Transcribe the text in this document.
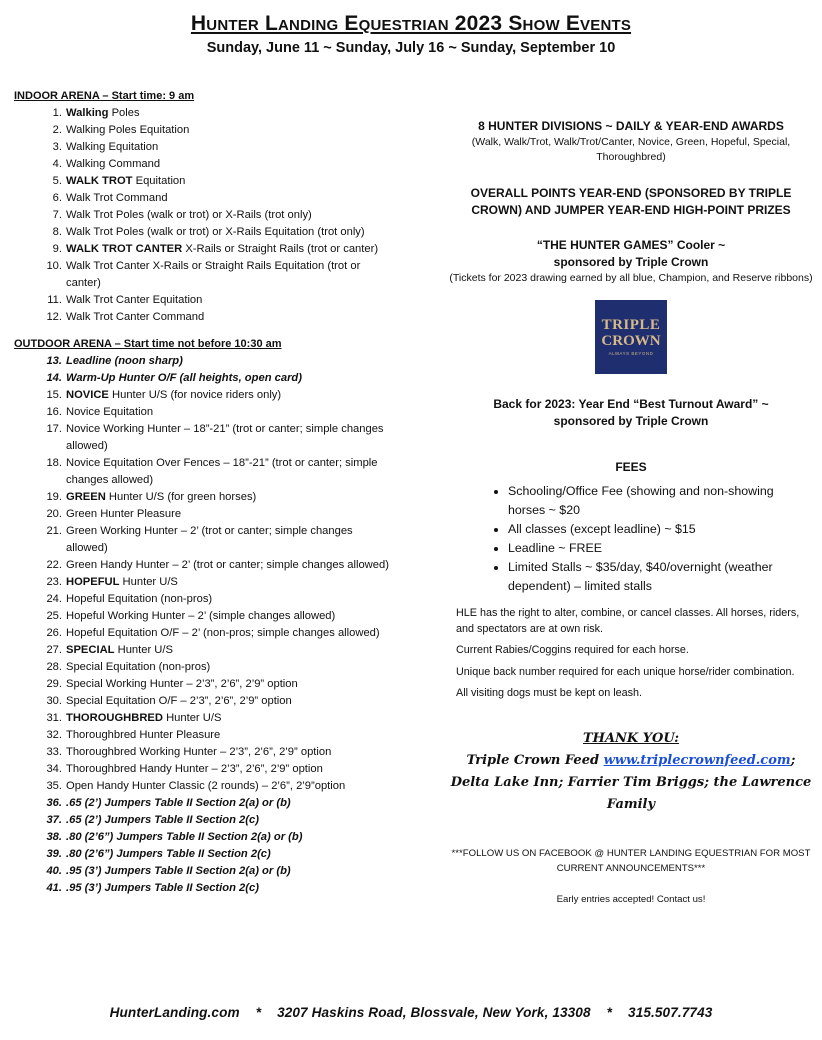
Hunter Landing Equestrian 2023 Show Events
Sunday, June 11 ~ Sunday, July 16 ~ Sunday, September 10
INDOOR ARENA – Start time: 9 am
1. Walking Poles
2. Walking Poles Equitation
3. Walking Equitation
4. Walking Command
5. WALK TROT Equitation
6. Walk Trot Command
7. Walk Trot Poles (walk or trot) or X-Rails (trot only)
8. Walk Trot Poles (walk or trot) or X-Rails Equitation (trot only)
9. WALK TROT CANTER X-Rails or Straight Rails (trot or canter)
10. Walk Trot Canter X-Rails or Straight Rails Equitation (trot or canter)
11. Walk Trot Canter Equitation
12. Walk Trot Canter Command
OUTDOOR ARENA – Start time not before 10:30 am
13. Leadline (noon sharp)
14. Warm-Up Hunter O/F (all heights, open card)
15. NOVICE Hunter U/S (for novice riders only)
16. Novice Equitation
17. Novice Working Hunter – 18”-21” (trot or canter; simple changes allowed)
18. Novice Equitation Over Fences – 18”-21” (trot or canter; simple changes allowed)
19. GREEN Hunter U/S (for green horses)
20. Green Hunter Pleasure
21. Green Working Hunter – 2’ (trot or canter; simple changes allowed)
22. Green Handy Hunter – 2’ (trot or canter; simple changes allowed)
23. HOPEFUL Hunter U/S
24. Hopeful Equitation (non-pros)
25. Hopeful Working Hunter – 2’ (simple changes allowed)
26. Hopeful Equitation O/F – 2’ (non-pros; simple changes allowed)
27. SPECIAL Hunter U/S
28. Special Equitation (non-pros)
29. Special Working Hunter – 2’3”, 2’6”, 2’9” option
30. Special Equitation O/F – 2’3”, 2’6”, 2’9” option
31. THOROUGHBRED Hunter U/S
32. Thoroughbred Hunter Pleasure
33. Thoroughbred Working Hunter – 2’3”, 2’6”, 2’9” option
34. Thoroughbred Handy Hunter – 2’3”, 2’6”, 2’9” option
35. Open Handy Hunter Classic (2 rounds) – 2’6”, 2’9”option
36. .65 (2’) Jumpers Table II Section 2(a) or (b)
37. .65 (2’) Jumpers Table II Section 2(c)
38. .80 (2’6”) Jumpers Table II Section 2(a) or (b)
39. .80 (2’6”) Jumpers Table II Section 2(c)
40. .95 (3’) Jumpers Table II Section 2(a) or (b)
41. .95 (3’) Jumpers Table II Section 2(c)
8 HUNTER DIVISIONS ~ DAILY & YEAR-END AWARDS
(Walk, Walk/Trot, Walk/Trot/Canter, Novice, Green, Hopeful, Special, Thoroughbred)
OVERALL POINTS YEAR-END (SPONSORED BY TRIPLE CROWN) AND JUMPER YEAR-END HIGH-POINT PRIZES
“THE HUNTER GAMES” Cooler ~
sponsored by Triple Crown
(Tickets for 2023 drawing earned by all blue, Champion, and Reserve ribbons)
TRIPLE
CROWN
ALWAYS BEYOND
Back for 2023: Year End “Best Turnout Award” ~
sponsored by Triple Crown
FEES
• Schooling/Office Fee (showing and non-showing horses ~ $20
• All classes (except leadline) ~ $15
• Leadline ~ FREE
• Limited Stalls ~ $35/day, $40/overnight (weather dependent) – limited stalls

HLE has the right to alter, combine, or cancel classes. All horses, riders, and spectators are at own risk.

Current Rabies/Coggins required for each horse.

Unique back number required for each unique horse/rider combination.

All visiting dogs must be kept on leash.

THANK YOU:
Triple Crown Feed www.triplecrownfeed.com;
Delta Lake Inn; Farrier Tim Briggs; the Lawrence Family
***FOLLOW US ON FACEBOOK @ HUNTER LANDING EQUESTRIAN FOR MOST CURRENT ANNOUNCEMENTS***
Early entries accepted! Contact us!
HunterLanding.com * 3207 Haskins Road, Blossvale, New York, 13308 * 315.507.7743
